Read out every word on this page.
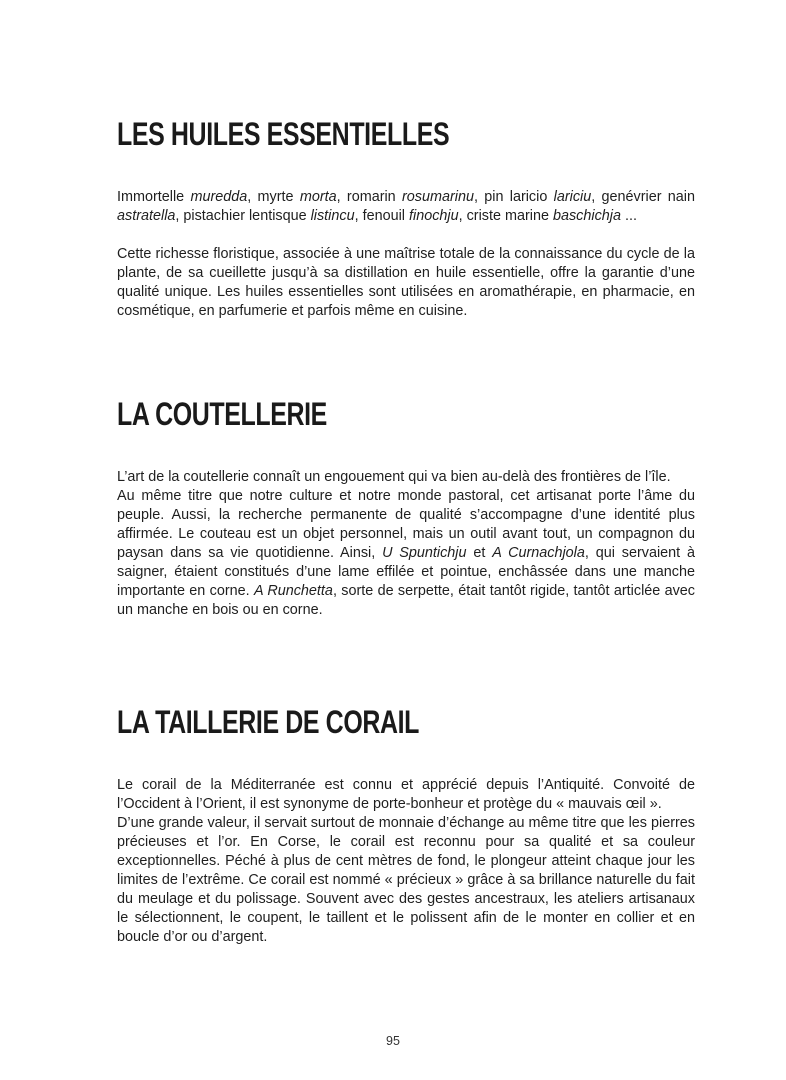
LES HUILES ESSENTIELLES

Immortelle muredda, myrte morta, romarin rosumarinu, pin laricio lariciu, genévrier nain astratella, pistachier lentisque listincu, fenouil finochju, criste marine baschichja ...

Cette richesse floristique, associée à une maîtrise totale de la connaissance du cycle de la plante, de sa cueillette jusqu’à sa distillation en huile essentielle, offre la garantie d’une qualité unique. Les huiles essentielles sont utilisées en aromathérapie, en pharmacie, en cosmétique, en parfumerie et parfois même en cuisine.

LA COUTELLERIE

L’art de la coutellerie connaît un engouement qui va bien au-delà des frontières de l’île.

Au même titre que notre culture et notre monde pastoral, cet artisanat porte l’âme du peuple. Aussi, la recherche permanente de qualité s’accompagne d’une identité plus affirmée. Le couteau est un objet personnel, mais un outil avant tout, un compagnon du paysan dans sa vie quotidienne. Ainsi, U Spuntichju et A Curnachjola, qui servaient à saigner, étaient constitués d’une lame effilée et pointue, enchâssée dans une manche importante en corne. A Runchetta, sorte de serpette, était tantôt rigide, tantôt articlée avec un manche en bois ou en corne.

LA TAILLERIE DE CORAIL

Le corail de la Méditerranée est connu et apprécié depuis l’Antiquité. Convoité de l’Occident à l’Orient, il est synonyme de porte-bonheur et protège du « mauvais œil ».

D’une grande valeur, il servait surtout de monnaie d’échange au même titre que les pierres précieuses et l’or. En Corse, le corail est reconnu pour sa qualité et sa couleur exceptionnelles. Péché à plus de cent mètres de fond, le plongeur atteint chaque jour les limites de l’extrême. Ce corail est nommé « précieux » grâce à sa brillance naturelle du fait du meulage et du polissage. Souvent avec des gestes ancestraux, les ateliers artisanaux le sélectionnent, le coupent, le taillent et le polissent afin de le monter en collier et en boucle d’or ou d’argent.

95
